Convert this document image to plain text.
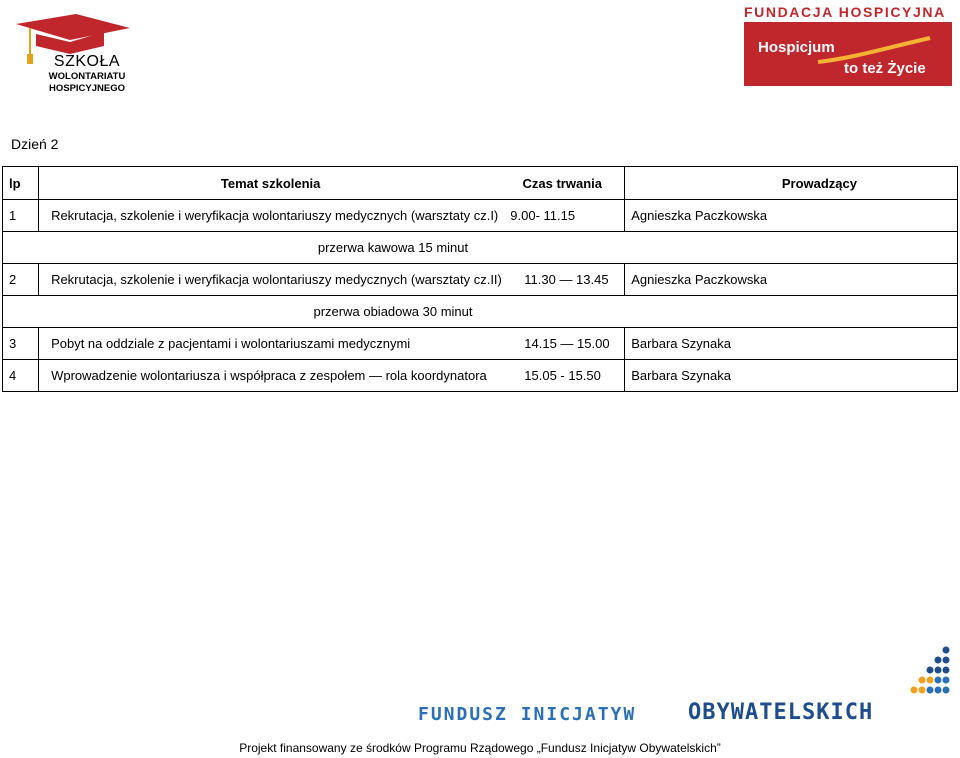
SZKOŁA
WOLONTARIATU
HOSPICYJNEGO
FUNDACJA HOSPICYJNA
Hospicjum
to też Życie
Dzień 2
lp	Temat szkolenia Czas trwania	Prowadzący
1	Rekrutacja, szkolenie i weryfikacja wolontariuszy medycznych (warsztaty cz.I) 9.00- 11.15	Agnieszka Paczkowska
przerwa kawowa 15 minut		
2	Rekrutacja, szkolenie i weryfikacja wolontariuszy medycznych (warsztaty cz.II) 11.30 — 13.45	Agnieszka Paczkowska
przerwa obiadowa 30 minut		
3	Pobyt na oddziale z pacjentami i wolontariuszami medycznymi 14.15 — 15.00	Barbara Szynaka
4	Wprowadzenie wolontariusza i współpraca z zespołem — rola koordynatora 15.05 - 15.50	Barbara Szynaka
FUNDUSZ INICJATYW OBYWATELSKICH
Projekt finansowany ze środków Programu Rządowego „Fundusz Inicjatyw Obywatelskich”
